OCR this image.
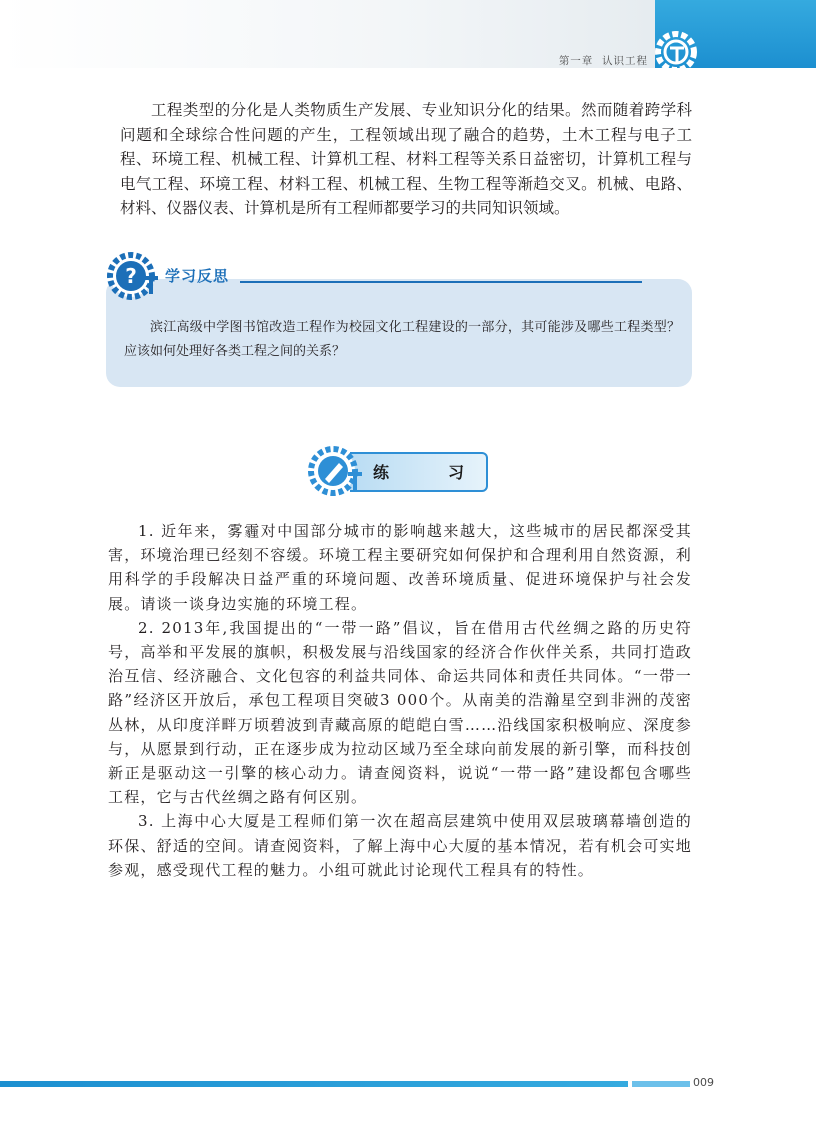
第一章 认识工程

工程类型的分化是人类物质生产发展、专业知识分化的结果。然而随着跨学科问题和全球综合性问题的产生，工程领域出现了融合的趋势，土木工程与电子工程、环境工程、机械工程、计算机工程、材料工程等关系日益密切，计算机工程与电气工程、环境工程、材料工程、机械工程、生物工程等渐趋交叉。机械、电路、材料、仪器仪表、计算机是所有工程师都要学习的共同知识领域。

? 学习反思

滨江高级中学图书馆改造工程作为校园文化工程建设的一部分，其可能涉及哪些工程类型？应该如何处理好各类工程之间的关系？

练	习

1. 近年来，雾霾对中国部分城市的影响越来越大，这些城市的居民都深受其害，环境治理已经刻不容缓。环境工程主要研究如何保护和合理利用自然资源，利用科学的手段解决日益严重的环境问题、改善环境质量、促进环境保护与社会发展。请谈一谈身边实施的环境工程。

2. 2013年,我国提出的“一带一路”倡议，旨在借用古代丝绸之路的历史符号，高举和平发展的旗帜，积极发展与沿线国家的经济合作伙伴关系，共同打造政治互信、经济融合、文化包容的利益共同体、命运共同体和责任共同体。“一带一路”经济区开放后，承包工程项目突破3 000个。从南美的浩瀚星空到非洲的茂密丛林，从印度洋畔万顷碧波到青藏高原的皑皑白雪……沿线国家积极响应、深度参与，从愿景到行动，正在逐步成为拉动区域乃至全球向前发展的新引擎，而科技创新正是驱动这一引擎的核心动力。请查阅资料，说说“一带一路”建设都包含哪些工程，它与古代丝绸之路有何区别。

3. 上海中心大厦是工程师们第一次在超高层建筑中使用双层玻璃幕墙创造的环保、舒适的空间。请查阅资料，了解上海中心大厦的基本情况，若有机会可实地参观，感受现代工程的魅力。小组可就此讨论现代工程具有的特性。

009
